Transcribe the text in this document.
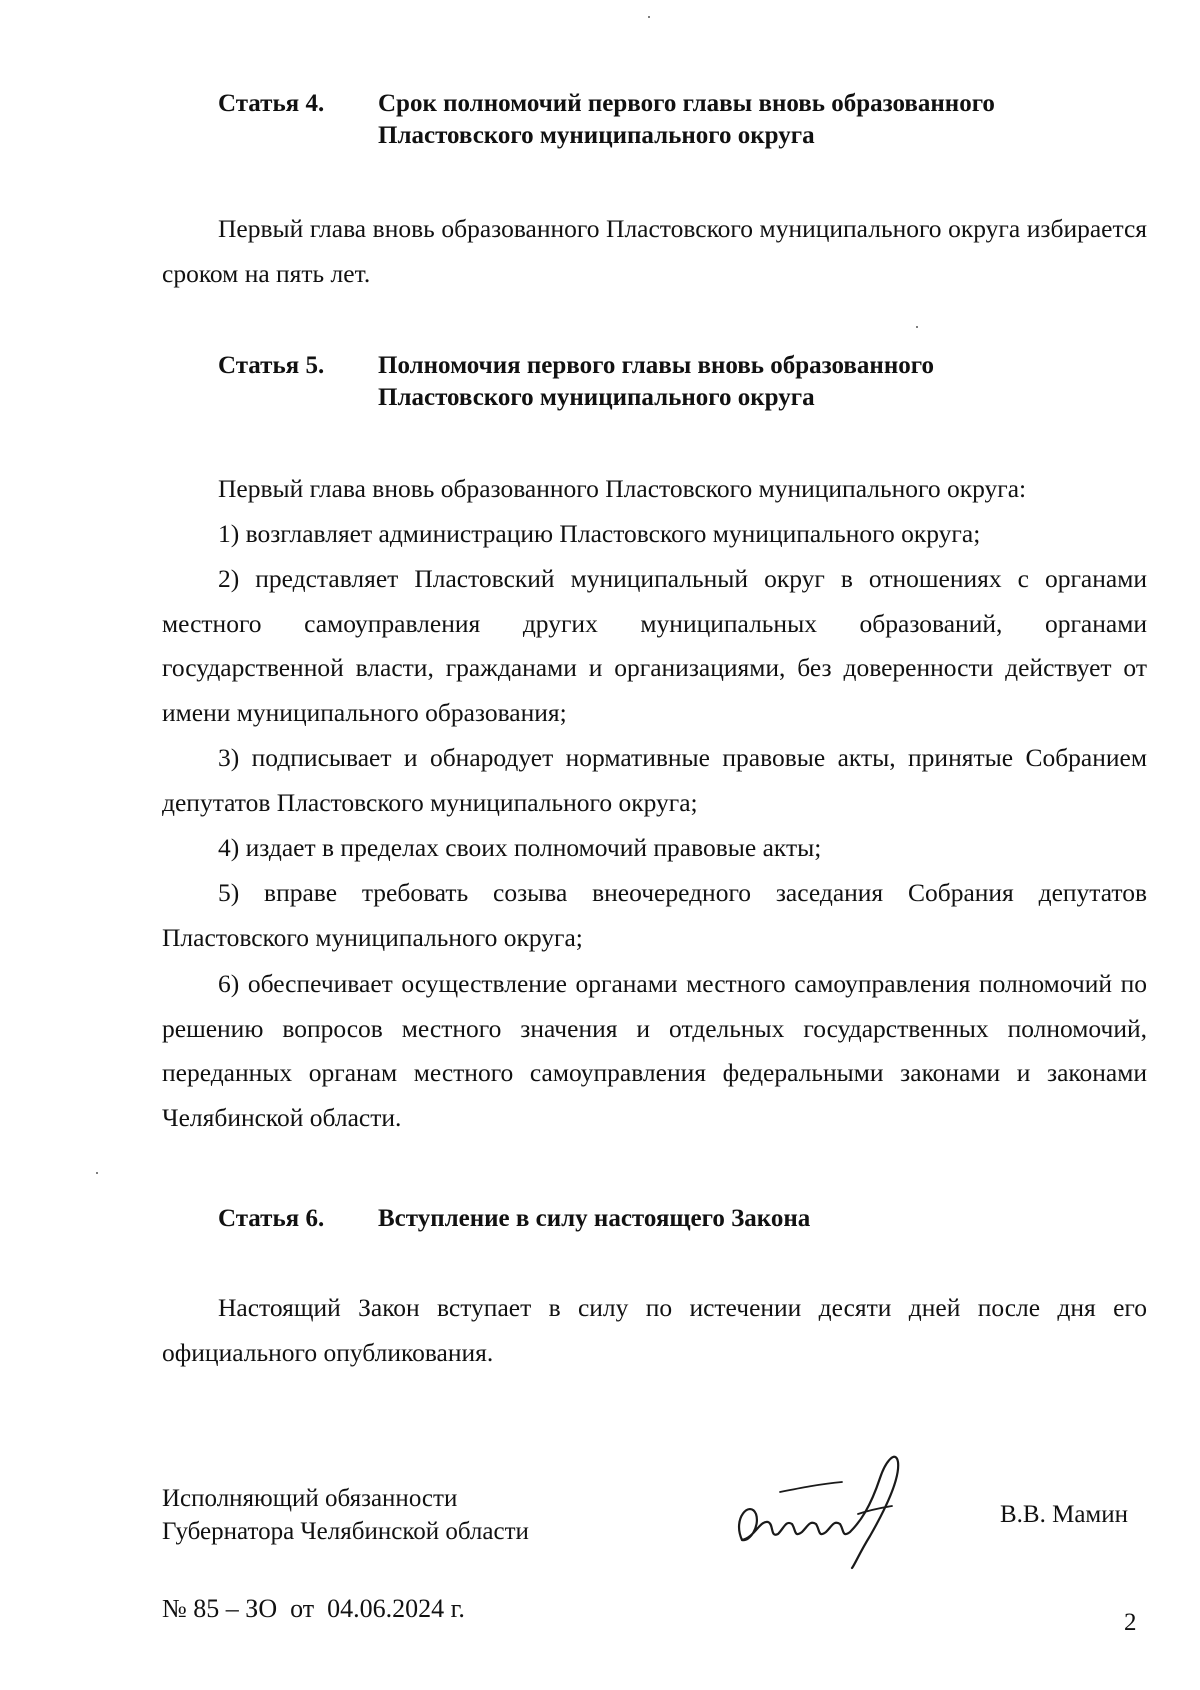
Статья 4. Срок полномочий первого главы вновь образованного
Пластовского муниципального округа
Первый глава вновь образованного Пластовского муниципального округа избирается сроком на пять лет.
Статья 5. Полномочия первого главы вновь образованного
Пластовского муниципального округа
Первый глава вновь образованного Пластовского муниципального округа:
1) возглавляет администрацию Пластовского муниципального округа;
2) представляет Пластовский муниципальный округ в отношениях с органами местного самоуправления других муниципальных образований, органами государственной власти, гражданами и организациями, без доверенности действует от имени муниципального образования;
3) подписывает и обнародует нормативные правовые акты, принятые Собранием депутатов Пластовского муниципального округа;
4) издает в пределах своих полномочий правовые акты;
5) вправе требовать созыва внеочередного заседания Собрания депутатов Пластовского муниципального округа;
6) обеспечивает осуществление органами местного самоуправления полномочий по решению вопросов местного значения и отдельных государственных полномочий, переданных органам местного самоуправления федеральными законами и законами Челябинской области.
Статья 6. Вступление в силу настоящего Закона
Настоящий Закон вступает в силу по истечении десяти дней после дня его официального опубликования.
Исполняющий обязанности
Губернатора Челябинской области
В.В. Мамин
№ 85 – ЗО  от  04.06.2024 г.	2
